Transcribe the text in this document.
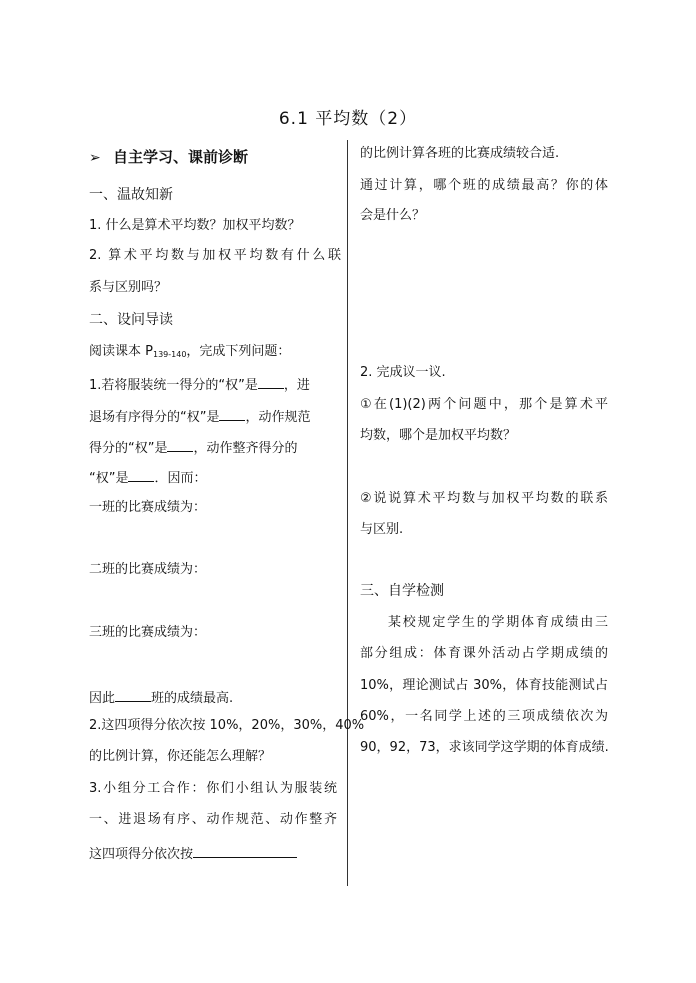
6.1 平均数（2）
➢ 自主学习、课前诊断
一、温故知新
1. 什么是算术平均数？加权平均数？
2. 算术平均数与加权平均数有什么联
系与区别吗？
二、设问导读
阅读课本 $P_{139-140}$，完成下列问题：
1.若将服装统一得分的“权”是 ，进
退场有序得分的“权”是 ，动作规范
得分的“权”是 ，动作整齐得分的
“权”是 ．因而：
一班的比赛成绩为：
二班的比赛成绩为：
三班的比赛成绩为：
因此	班的成绩最高.
2.这四项得分依次按 10%，20%，30%，40%
的比例计算，你还能怎么理解？
3.小组分工合作：你们小组认为服装统
一、进退场有序、动作规范、动作整齐
这四项得分依次按
的比例计算各班的比赛成绩较合适.
通过计算，哪个班的成绩最高？你的体
会是什么？
2. 完成议一议.
①在(1)(2)两个问题中，那个是算术平
均数，哪个是加权平均数？
②说说算术平均数与加权平均数的联系
与区别.
三、自学检测
某校规定学生的学期体育成绩由三
部分组成：体育课外活动占学期成绩的
10%，理论测试占 30%，体育技能测试占
60%，一名同学上述的三项成绩依次为
90，92，73，求该同学这学期的体育成绩.
